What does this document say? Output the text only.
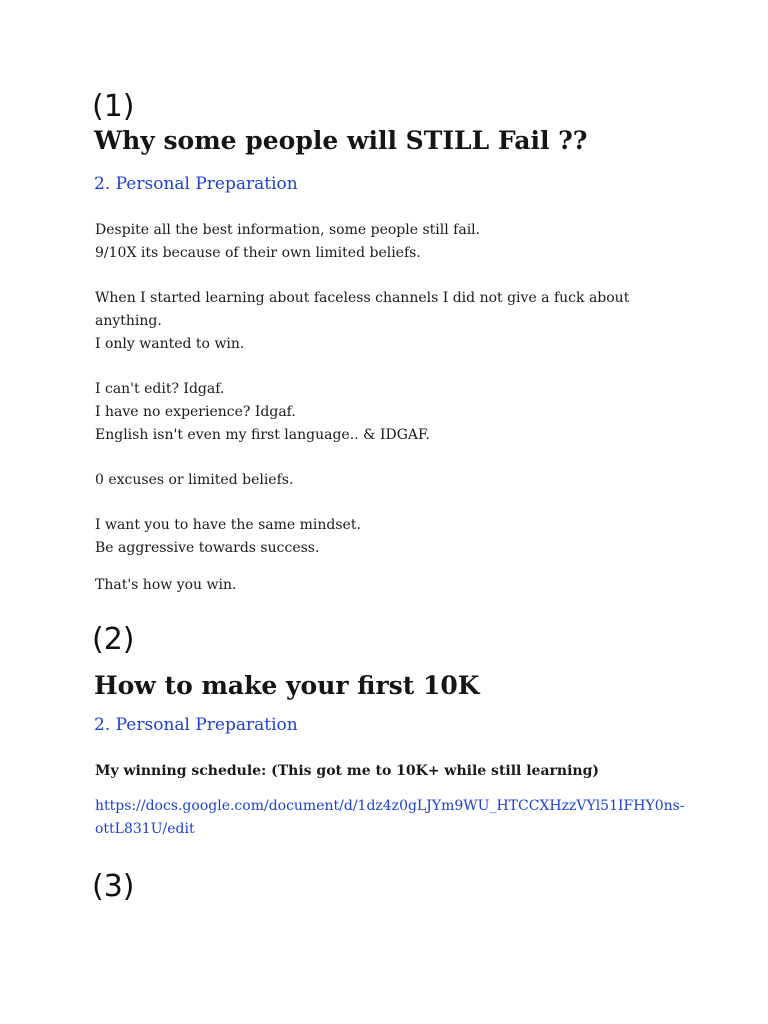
(1)
Why some people will STILL Fail ??
2. Personal Preparation

Despite all the best information, some people still fail.

9/10X its because of their own limited beliefs.

When I started learning about faceless channels I did not give a fuck about anything.

I only wanted to win.

I can't edit? Idgaf.

I have no experience? Idgaf.

English isn't even my first language.. & IDGAF.

0 excuses or limited beliefs.

I want you to have the same mindset.

Be aggressive towards success.

That's how you win.

(2)
How to make your first 10K
2. Personal Preparation
My winning schedule: (This got me to 10K+ while still learning)
https://docs.google.com/document/d/1dz4z0gLJYm9WU_HTCCXHzzVYl51IFHY0ns-ottL831U/edit
(3)
